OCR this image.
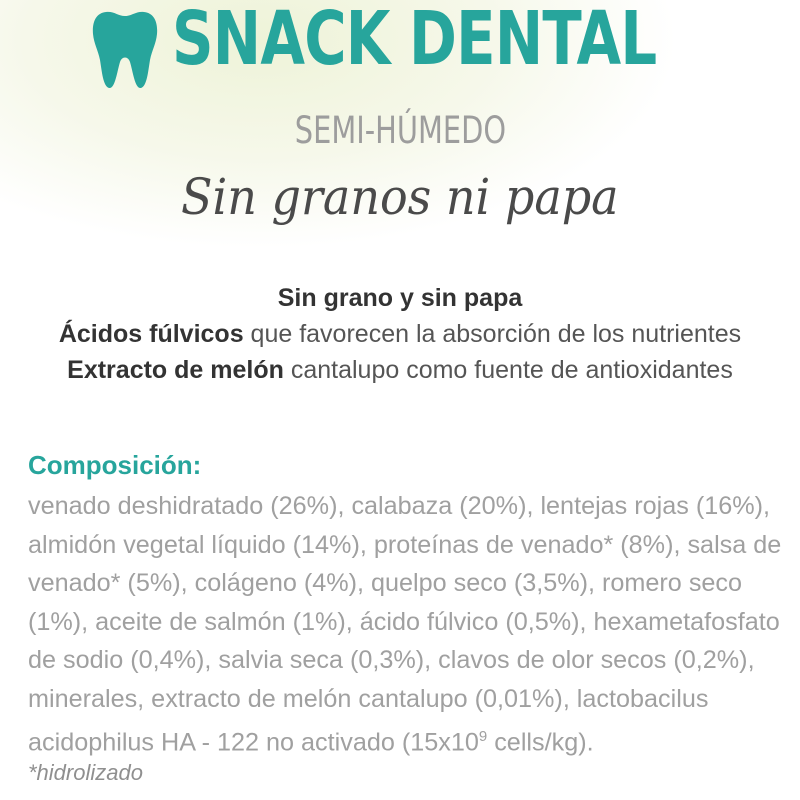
SNACK DENTAL
SEMI-HÚMEDO
Sin granos ni papa
Sin grano y sin papa
Ácidos fúlvicos que favorecen la absorción de los nutrientes
Extracto de melón cantalupo como fuente de antioxidantes
Composición:
venado deshidratado (26%), calabaza (20%), lentejas rojas (16%),
almidón vegetal líquido (14%), proteínas de venado* (8%), salsa de
venado* (5%), colágeno (4%), quelpo seco (3,5%), romero seco
(1%), aceite de salmón (1%), ácido fúlvico (0,5%), hexametafosfato
de sodio (0,4%), salvia seca (0,3%), clavos de olor secos (0,2%),
minerales, extracto de melón cantalupo (0,01%), lactobacilus
acidophilus HA - 122 no activado ($15x10^9$ cells/kg).
*hidrolizado
